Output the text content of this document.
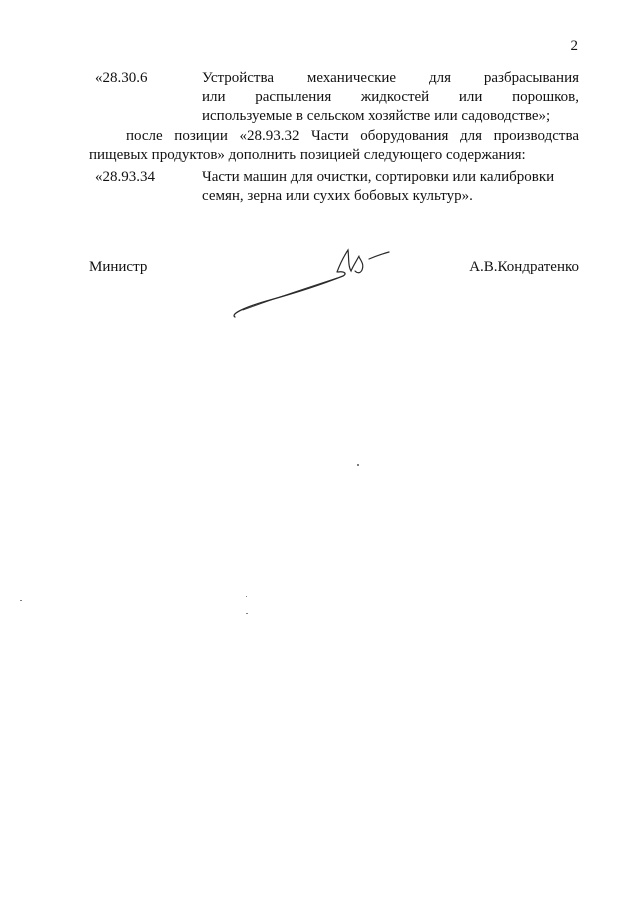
2
«28.30.6	Устройства механические для разбрасывания
или распыления жидкостей или порошков,
используемые в сельском хозяйстве или садоводстве»;
после позиции «28.93.32 Части оборудования для производства
пищевых продуктов» дополнить позицией следующего содержания:
«28.93.34	Части машин для очистки, сортировки или калибровки
семян, зерна или сухих бобовых культур».
Министр	А.В.Кондратенко
